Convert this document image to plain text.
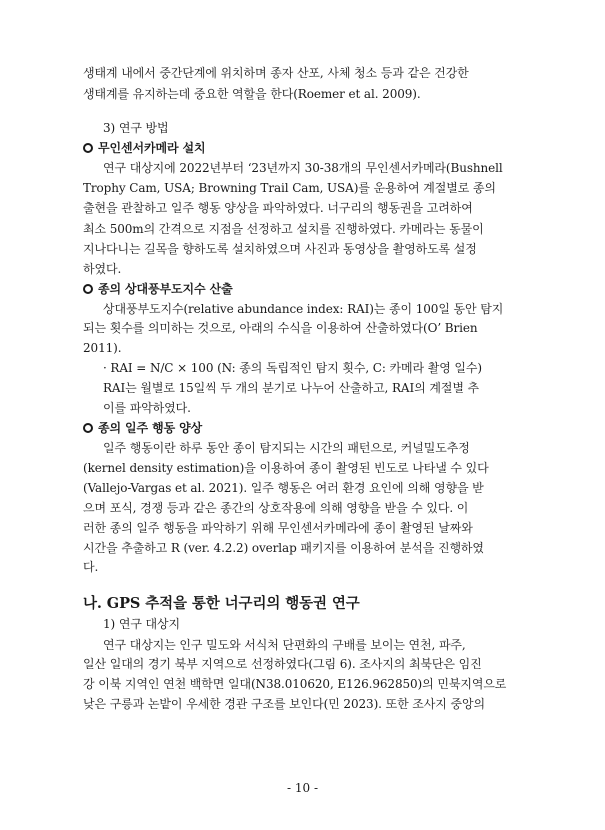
생태계 내에서 중간단계에 위치하며 종자 산포, 사체 청소 등과 같은 건강한
생태계를 유지하는데 중요한 역할을 한다(Roemer et al. 2009).
3) 연구 방법
무인센서카메라 설치
연구 대상지에 2022년부터 ‘23년까지 30-38개의 무인센서카메라(Bushnell
Trophy Cam, USA; Browning Trail Cam, USA)를 운용하여 계절별로 종의
출현을 관찰하고 일주 행동 양상을 파악하였다. 너구리의 행동권을 고려하여
최소 500m의 간격으로 지점을 선정하고 설치를 진행하였다. 카메라는 동물이
지나다니는 길목을 향하도록 설치하였으며 사진과 동영상을 촬영하도록 설정
하였다.
종의 상대풍부도지수 산출
상대풍부도지수(relative abundance index: RAI)는 종이 100일 동안 탐지
되는 횟수를 의미하는 것으로, 아래의 수식을 이용하여 산출하였다(O’ Brien
2011).
· RAI = N/C × 100 (N: 종의 독립적인 탐지 횟수, C: 카메라 촬영 일수)
RAI는 월별로 15일씩 두 개의 분기로 나누어 산출하고, RAI의 계절별 추
이를 파악하였다.
종의 일주 행동 양상
일주 행동이란 하루 동안 종이 탐지되는 시간의 패턴으로, 커널밀도추정
(kernel density estimation)을 이용하여 종이 촬영된 빈도로 나타낼 수 있다
(Vallejo-Vargas et al. 2021). 일주 행동은 여러 환경 요인에 의해 영향을 받
으며 포식, 경쟁 등과 같은 종간의 상호작용에 의해 영향을 받을 수 있다. 이
러한 종의 일주 행동을 파악하기 위해 무인센서카메라에 종이 촬영된 날짜와
시간을 추출하고 R (ver. 4.2.2) overlap 패키지를 이용하여 분석을 진행하였
다.
나. GPS 추적을 통한 너구리의 행동권 연구
1) 연구 대상지
연구 대상지는 인구 밀도와 서식처 단편화의 구배를 보이는 연천, 파주,
일산 일대의 경기 북부 지역으로 선정하였다(그림 6). 조사지의 최북단은 임진
강 이북 지역인 연천 백학면 일대(N38.010620, E126.962850)의 민북지역으로
낮은 구릉과 논밭이 우세한 경관 구조를 보인다(민 2023). 또한 조사지 중앙의
- 10 -
